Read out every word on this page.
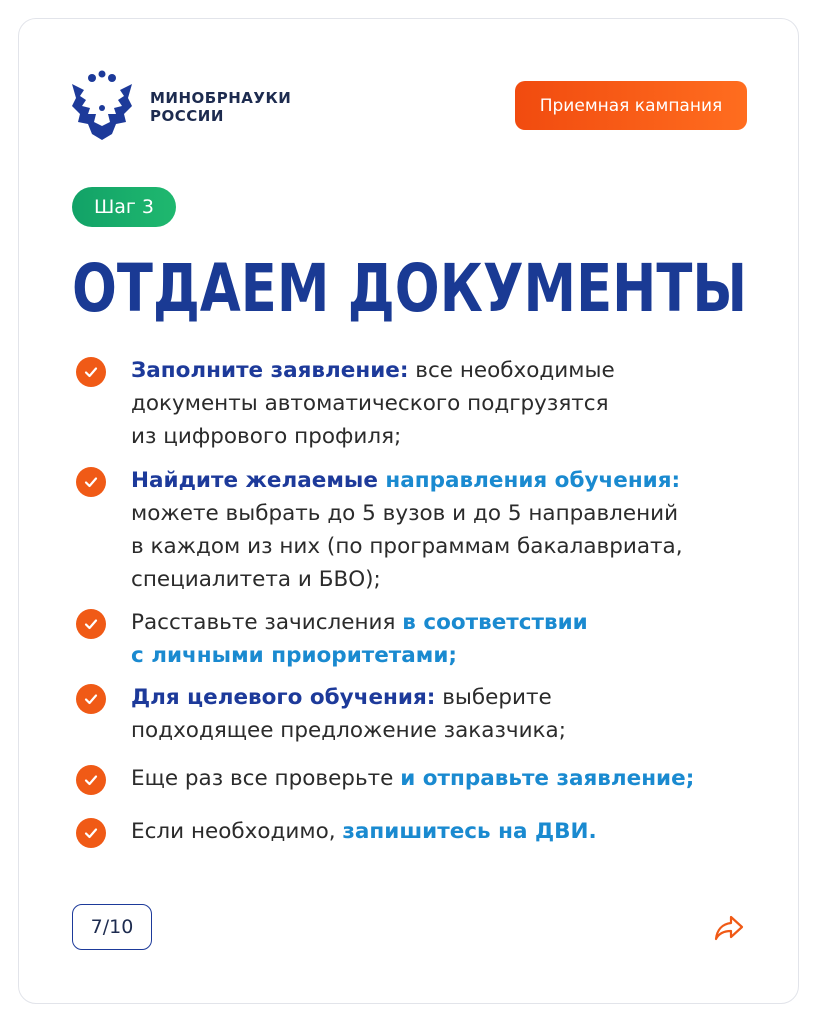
МИНОБРНАУКИ
РОССИИ
Приемная кампания
Шаг 3
ОТДАЕМ ДОКУМЕНТЫ
Заполните заявление: все необходимые
документы автоматического подгрузятся
из цифрового профиля;
Найдите желаемые направления обучения:
можете выбрать до 5 вузов и до 5 направлений
в каждом из них (по программам бакалавриата,
специалитета и БВО);
Расставьте зачисления в соответствии
с личными приоритетами;
Для целевого обучения: выберите
подходящее предложение заказчика;
Еще раз все проверьте и отправьте заявление;
Если необходимо, запишитесь на ДВИ.
7/10
